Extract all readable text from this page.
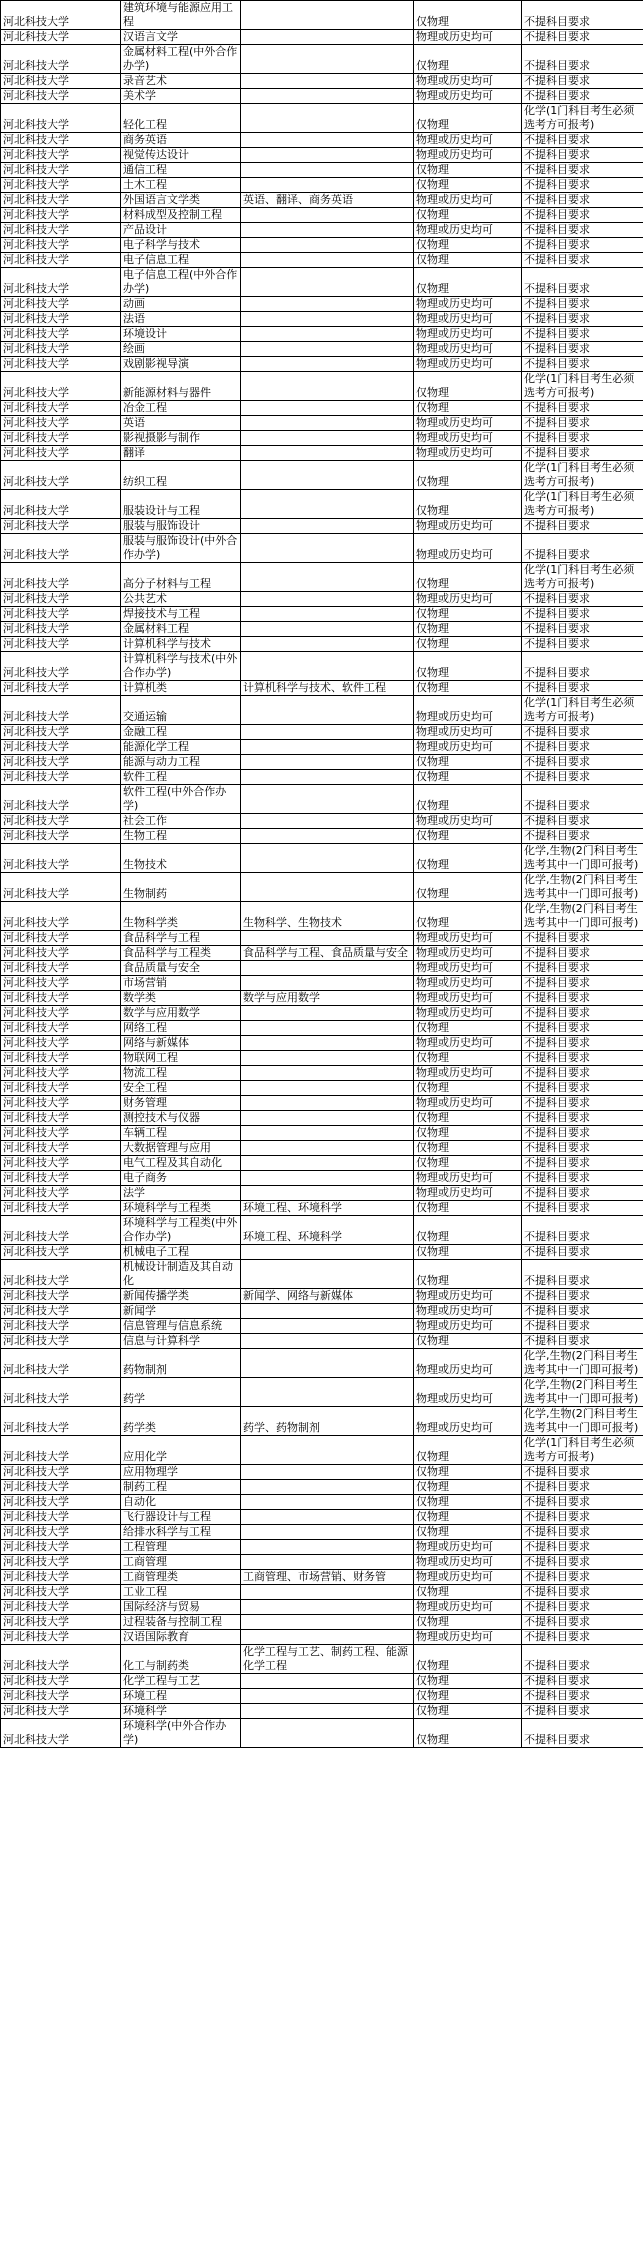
河北科技大学	建筑环境与能源应用工程		仅物理	不提科目要求
河北科技大学	汉语言文学		物理或历史均可	不提科目要求
河北科技大学	金属材料工程(中外合作办学)		仅物理	不提科目要求
河北科技大学	录音艺术		物理或历史均可	不提科目要求
河北科技大学	美术学		物理或历史均可	不提科目要求
河北科技大学	轻化工程		仅物理	化学(1门科目考生必须选考方可报考)
河北科技大学	商务英语		物理或历史均可	不提科目要求
河北科技大学	视觉传达设计		物理或历史均可	不提科目要求
河北科技大学	通信工程		仅物理	不提科目要求
河北科技大学	土木工程		仅物理	不提科目要求
河北科技大学	外国语言文学类	英语、翻译、商务英语	物理或历史均可	不提科目要求
河北科技大学	材料成型及控制工程		仅物理	不提科目要求
河北科技大学	产品设计		物理或历史均可	不提科目要求
河北科技大学	电子科学与技术		仅物理	不提科目要求
河北科技大学	电子信息工程		仅物理	不提科目要求
河北科技大学	电子信息工程(中外合作办学)		仅物理	不提科目要求
河北科技大学	动画		物理或历史均可	不提科目要求
河北科技大学	法语		物理或历史均可	不提科目要求
河北科技大学	环境设计		物理或历史均可	不提科目要求
河北科技大学	绘画		物理或历史均可	不提科目要求
河北科技大学	戏剧影视导演		物理或历史均可	不提科目要求
河北科技大学	新能源材料与器件		仅物理	化学(1门科目考生必须选考方可报考)
河北科技大学	冶金工程		仅物理	不提科目要求
河北科技大学	英语		物理或历史均可	不提科目要求
河北科技大学	影视摄影与制作		物理或历史均可	不提科目要求
河北科技大学	翻译		物理或历史均可	不提科目要求
河北科技大学	纺织工程		仅物理	化学(1门科目考生必须选考方可报考)
河北科技大学	服装设计与工程		仅物理	化学(1门科目考生必须选考方可报考)
河北科技大学	服装与服饰设计		物理或历史均可	不提科目要求
河北科技大学	服装与服饰设计(中外合作办学)		物理或历史均可	不提科目要求
河北科技大学	高分子材料与工程		仅物理	化学(1门科目考生必须选考方可报考)
河北科技大学	公共艺术		物理或历史均可	不提科目要求
河北科技大学	焊接技术与工程		仅物理	不提科目要求
河北科技大学	金属材料工程		仅物理	不提科目要求
河北科技大学	计算机科学与技术		仅物理	不提科目要求
河北科技大学	计算机科学与技术(中外合作办学)		仅物理	不提科目要求
河北科技大学	计算机类	计算机科学与技术、软件工程	仅物理	不提科目要求
河北科技大学	交通运输		物理或历史均可	化学(1门科目考生必须选考方可报考)
河北科技大学	金融工程		物理或历史均可	不提科目要求
河北科技大学	能源化学工程		物理或历史均可	不提科目要求
河北科技大学	能源与动力工程		仅物理	不提科目要求
河北科技大学	软件工程		仅物理	不提科目要求
河北科技大学	软件工程(中外合作办学)		仅物理	不提科目要求
河北科技大学	社会工作		物理或历史均可	不提科目要求
河北科技大学	生物工程		仅物理	不提科目要求
河北科技大学	生物技术		仅物理	化学,生物(2门科目考生选考其中一门即可报考)
河北科技大学	生物制药		仅物理	化学,生物(2门科目考生选考其中一门即可报考)
河北科技大学	生物科学类	生物科学、生物技术	仅物理	化学,生物(2门科目考生选考其中一门即可报考)
河北科技大学	食品科学与工程		物理或历史均可	不提科目要求
河北科技大学	食品科学与工程类	食品科学与工程、食品质量与安全	物理或历史均可	不提科目要求
河北科技大学	食品质量与安全		物理或历史均可	不提科目要求
河北科技大学	市场营销		物理或历史均可	不提科目要求
河北科技大学	数学类	数学与应用数学	物理或历史均可	不提科目要求
河北科技大学	数学与应用数学		物理或历史均可	不提科目要求
河北科技大学	网络工程		仅物理	不提科目要求
河北科技大学	网络与新媒体		物理或历史均可	不提科目要求
河北科技大学	物联网工程		仅物理	不提科目要求
河北科技大学	物流工程		物理或历史均可	不提科目要求
河北科技大学	安全工程		仅物理	不提科目要求
河北科技大学	财务管理		物理或历史均可	不提科目要求
河北科技大学	测控技术与仪器		仅物理	不提科目要求
河北科技大学	车辆工程		仅物理	不提科目要求
河北科技大学	大数据管理与应用		仅物理	不提科目要求
河北科技大学	电气工程及其自动化		仅物理	不提科目要求
河北科技大学	电子商务		物理或历史均可	不提科目要求
河北科技大学	法学		物理或历史均可	不提科目要求
河北科技大学	环境科学与工程类	环境工程、环境科学	仅物理	不提科目要求
河北科技大学	环境科学与工程类(中外合作办学)	环境工程、环境科学	仅物理	不提科目要求
河北科技大学	机械电子工程		仅物理	不提科目要求
河北科技大学	机械设计制造及其自动化		仅物理	不提科目要求
河北科技大学	新闻传播学类	新闻学、网络与新媒体	物理或历史均可	不提科目要求
河北科技大学	新闻学		物理或历史均可	不提科目要求
河北科技大学	信息管理与信息系统		物理或历史均可	不提科目要求
河北科技大学	信息与计算科学		仅物理	不提科目要求
河北科技大学	药物制剂		物理或历史均可	化学,生物(2门科目考生选考其中一门即可报考)
河北科技大学	药学		物理或历史均可	化学,生物(2门科目考生选考其中一门即可报考)
河北科技大学	药学类	药学、药物制剂	物理或历史均可	化学,生物(2门科目考生选考其中一门即可报考)
河北科技大学	应用化学		仅物理	化学(1门科目考生必须选考方可报考)
河北科技大学	应用物理学		仅物理	不提科目要求
河北科技大学	制药工程		仅物理	不提科目要求
河北科技大学	自动化		仅物理	不提科目要求
河北科技大学	飞行器设计与工程		仅物理	不提科目要求
河北科技大学	给排水科学与工程		仅物理	不提科目要求
河北科技大学	工程管理		物理或历史均可	不提科目要求
河北科技大学	工商管理		物理或历史均可	不提科目要求
河北科技大学	工商管理类	工商管理、市场营销、财务管	物理或历史均可	不提科目要求
河北科技大学	工业工程		仅物理	不提科目要求
河北科技大学	国际经济与贸易		物理或历史均可	不提科目要求
河北科技大学	过程装备与控制工程		仅物理	不提科目要求
河北科技大学	汉语国际教育		物理或历史均可	不提科目要求
河北科技大学	化工与制药类	化学工程与工艺、制药工程、能源化学工程	仅物理	不提科目要求
河北科技大学	化学工程与工艺		仅物理	不提科目要求
河北科技大学	环境工程		仅物理	不提科目要求
河北科技大学	环境科学		仅物理	不提科目要求
河北科技大学	环境科学(中外合作办学)		仅物理	不提科目要求
